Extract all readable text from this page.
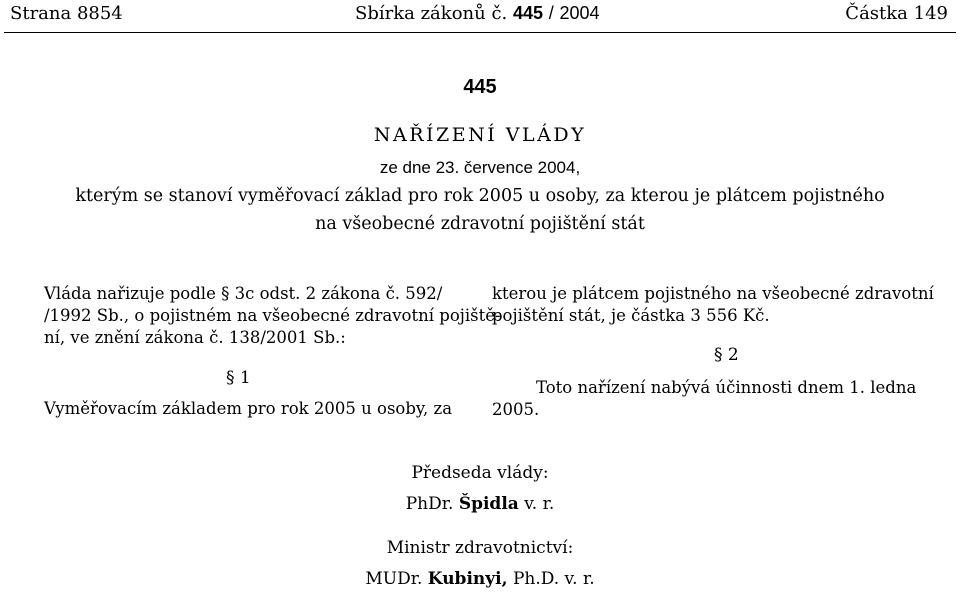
Strana 8854	Sbírka zákonů č. 445 / 2004	Částka 149
445
NAŘÍZENÍ VLÁDY
ze dne 23. července 2004,
kterým se stanoví vyměřovací základ pro rok 2005 u osoby, za kterou je plátcem pojistného
na všeobecné zdravotní pojištění stát
Vláda nařizuje podle § 3c odst. 2 zákona č. 592/
/1992 Sb., o pojistném na všeobecné zdravotní pojiště-
ní, ve znění zákona č. 138/2001 Sb.:
§ 1
Vyměřovacím základem pro rok 2005 u osoby, za
kterou je plátcem pojistného na všeobecné zdravotní
pojištění stát, je částka 3 556 Kč.
§ 2
Toto nařízení nabývá účinnosti dnem 1. ledna
2005.
Předseda vlády:
PhDr. Špidla v. r.
Ministr zdravotnictví:
MUDr. Kubinyi, Ph.D. v. r.
